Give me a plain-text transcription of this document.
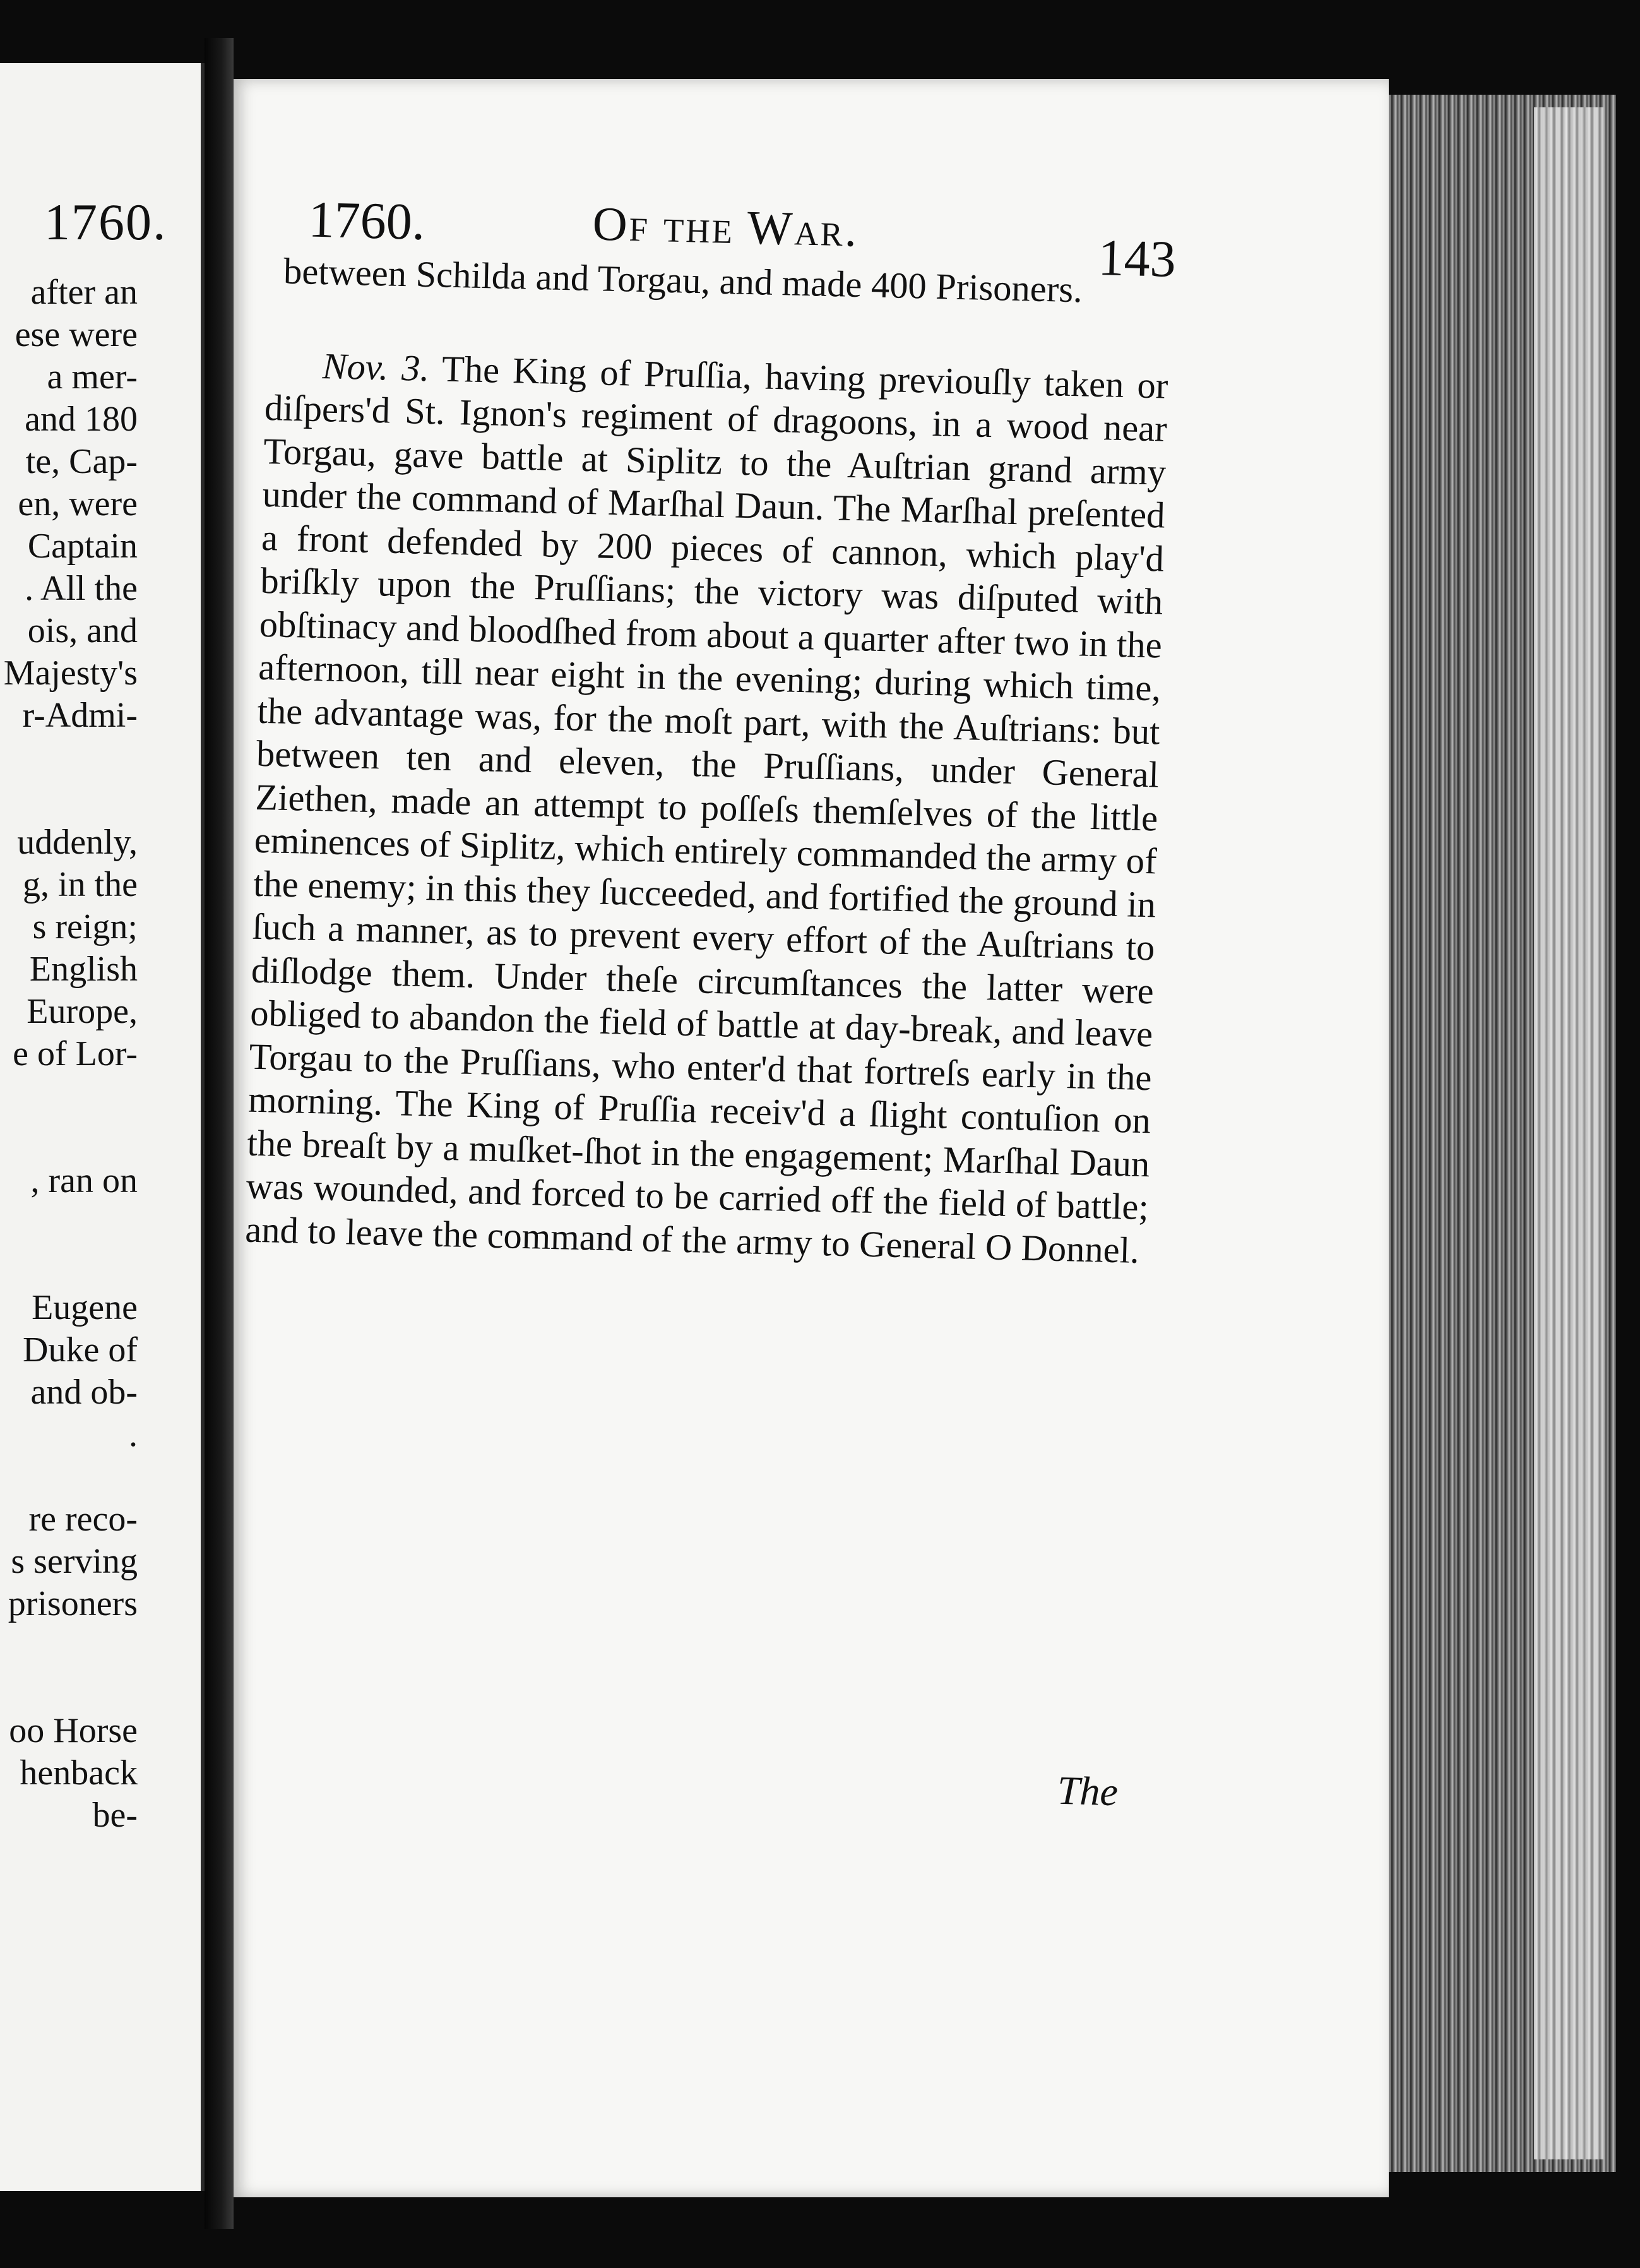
1760.
after an
ese were
a mer-
and 180
te, Cap-
en, were
Captain
. All the
ois, and
Majesty's
r-Admi-

uddenly,
g, in the
s reign;
English
Europe,
e of Lor-

, ran on

Eugene
Duke of
and ob-
.

re reco-
s serving
prisoners

oo Horse
henback
be-
1760.	Of the War.
143

between Schilda and Torgau, and made 400 Prisoners.

Nov. 3. The King of Pruſſia, having previouſly taken or diſpers'd St. Ignon's regiment of dragoons, in a wood near Torgau, gave battle at Siplitz to the Auſtrian grand army under the command of Marſhal Daun. The Marſhal preſented a front defended by 200 pieces of cannon, which play'd briſkly upon the Pruſſians; the victory was diſputed with obſtinacy and bloodſhed from about a quarter after two in the afternoon, till near eight in the evening; during which time, the advantage was, for the moſt part, with the Auſtrians: but between ten and eleven, the Pruſſians, under General Ziethen, made an attempt to poſſeſs themſelves of the little eminences of Siplitz, which entirely commanded the army of the enemy; in this they ſucceeded, and fortified the ground in ſuch a manner, as to prevent every effort of the Auſtrians to diſlodge them. Under theſe circumſtances the latter were obliged to abandon the field of battle at day-break, and leave Torgau to the Pruſſians, who enter'd that fortreſs early in the morning. The King of Pruſſia receiv'd a ſlight contuſion on the breaſt by a muſket-ſhot in the engagement; Marſhal Daun was wounded, and forced to be carried off the field of battle; and to leave the command of the army to General O Donnel.

The
